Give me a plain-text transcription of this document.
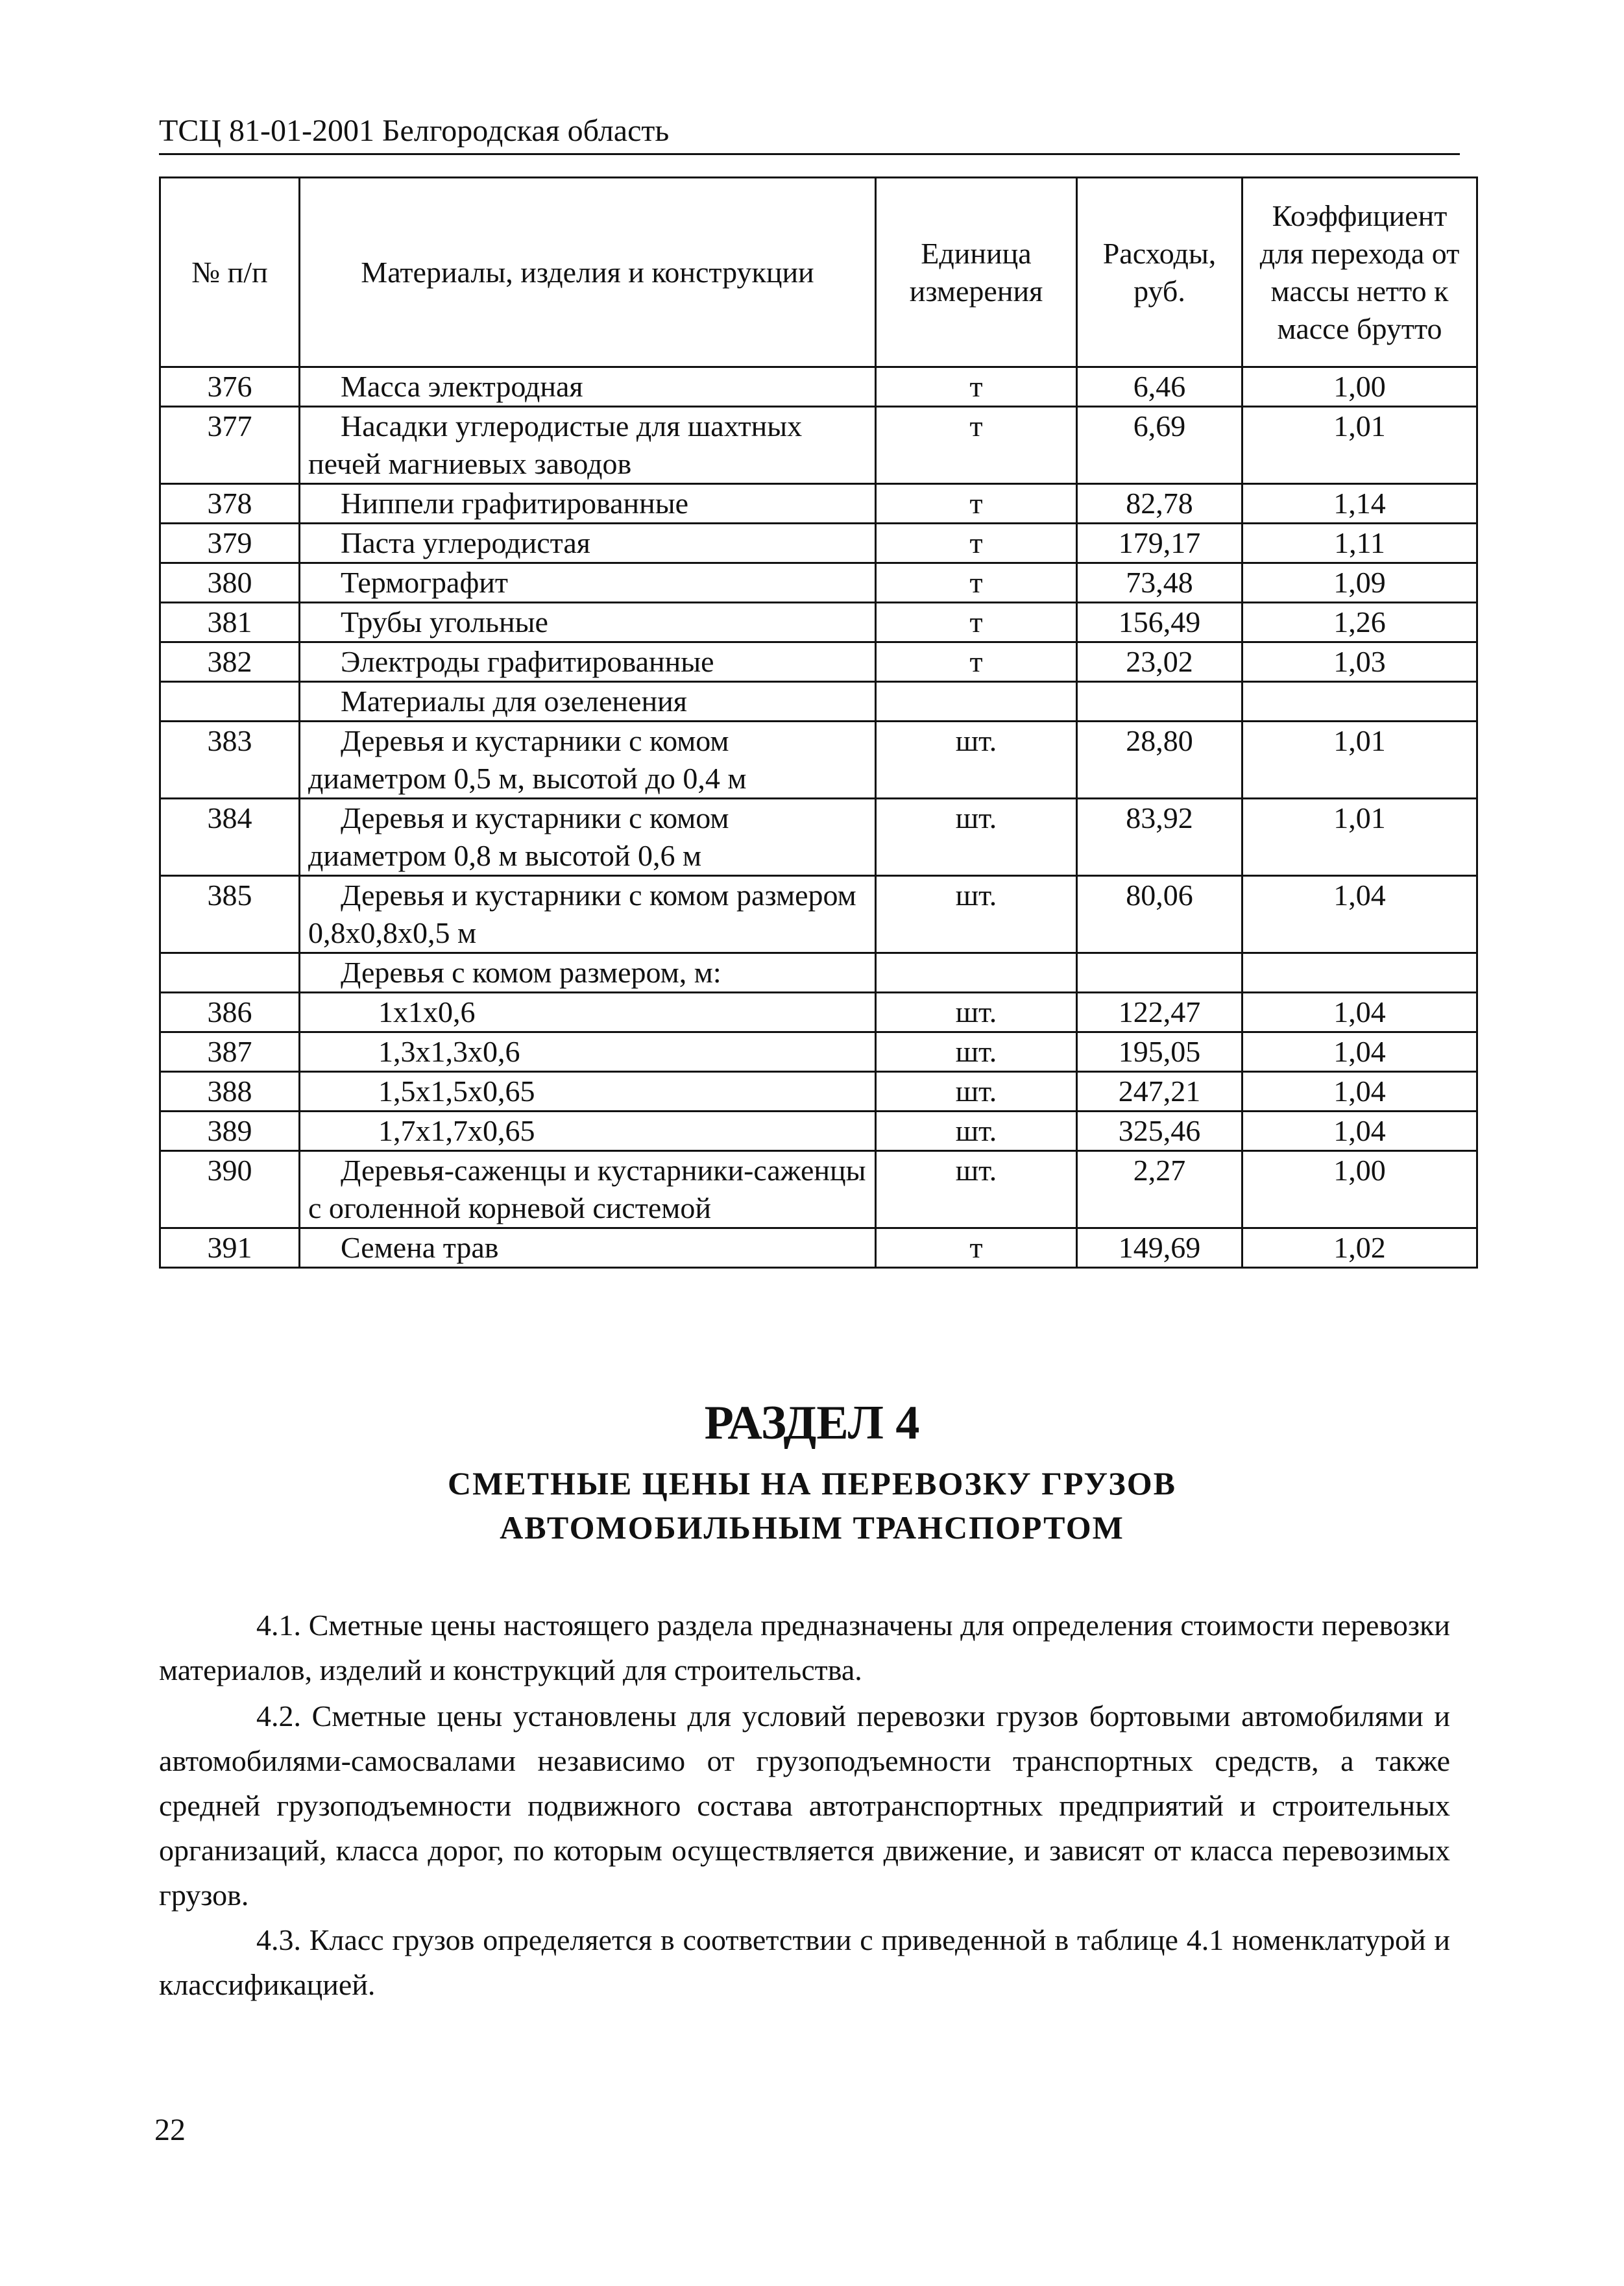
ТСЦ 81-01-2001 Белгородская область
№ п/п	Материалы, изделия и конструкции	Единица измерения	Расходы, руб.	Коэффициент для перехода от массы нетто к массе брутто
376	Масса электродная	т	6,46	1,00
377	Насадки углеродистые для шахтных печей магниевых заводов	т	6,69	1,01
378	Ниппели графитированные	т	82,78	1,14
379	Паста углеродистая	т	179,17	1,11
380	Термографит	т	73,48	1,09
381	Трубы угольные	т	156,49	1,26
382	Электроды графитированные	т	23,02	1,03
	Материалы для озеленения			
383	Деревья и кустарники с комом диаметром 0,5 м, высотой до 0,4 м	шт.	28,80	1,01
384	Деревья и кустарники с комом диаметром 0,8 м высотой 0,6 м	шт.	83,92	1,01
385	Деревья и кустарники с комом размером 0,8х0,8х0,5 м	шт.	80,06	1,04
	Деревья с комом размером, м:			
386	1х1х0,6	шт.	122,47	1,04
387	1,3х1,3х0,6	шт.	195,05	1,04
388	1,5х1,5х0,65	шт.	247,21	1,04
389	1,7х1,7х0,65	шт.	325,46	1,04
390	Деревья-саженцы и кустарники-саженцы с оголенной корневой системой	шт.	2,27	1,00
391	Семена трав	т	149,69	1,02
РАЗДЕЛ 4
СМЕТНЫЕ ЦЕНЫ НА ПЕРЕВОЗКУ ГРУЗОВ
АВТОМОБИЛЬНЫМ ТРАНСПОРТОМ
4.1. Сметные цены настоящего раздела предназначены для определения стоимости перевозки материалов, изделий и конструкций для строительства.
4.2. Сметные цены установлены для условий перевозки грузов бортовыми автомобилями и автомобилями-самосвалами независимо от грузоподъемности транспортных средств, а также средней грузоподъемности подвижного состава автотранспортных предприятий и строительных организаций, класса дорог, по которым осуществляется движение, и зависят от класса перевозимых грузов.
4.3. Класс грузов определяется в соответствии с приведенной в таблице 4.1 номенклатурой и классификацией.
22
